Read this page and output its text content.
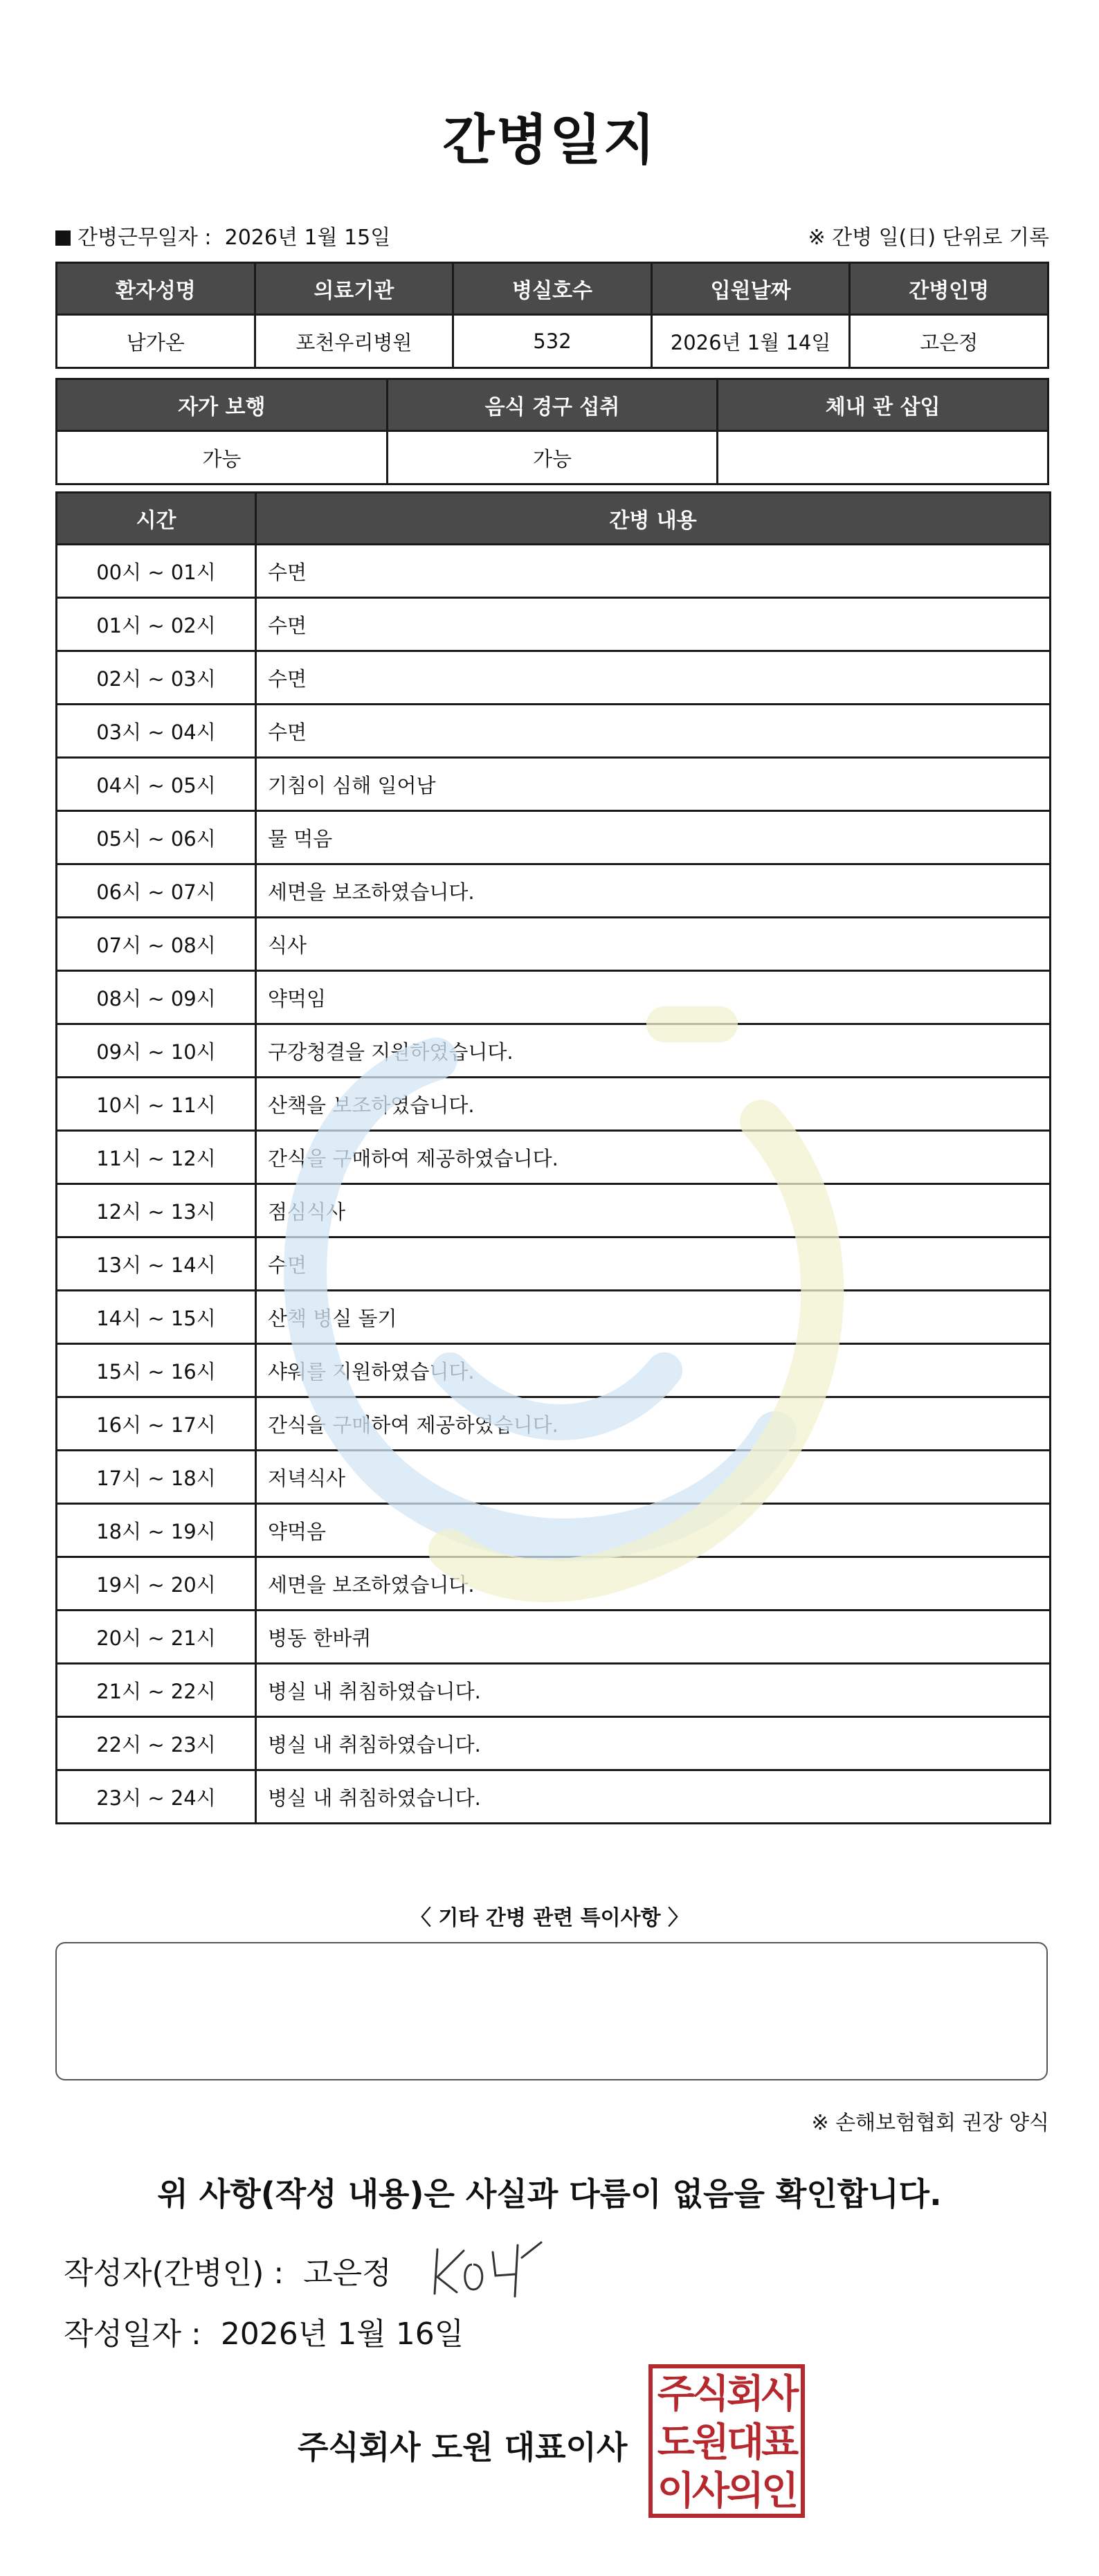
간병일지
간병근무일자 : 2026년 1월 15일	※ 간병 일(日) 단위로 기록
환자성명	의료기관	병실호수	입원날짜	간병인명
남가온	포천우리병원	532	2026년 1월 14일	고은정
자가 보행	음식 경구 섭취	체내 관 삽입
가능	가능	
시간	간병 내용
00시 ~ 01시	수면
01시 ~ 02시	수면
02시 ~ 03시	수면
03시 ~ 04시	수면
04시 ~ 05시	기침이 심해 일어남
05시 ~ 06시	물 먹음
06시 ~ 07시	세면을 보조하였습니다.
07시 ~ 08시	식사
08시 ~ 09시	약먹임
09시 ~ 10시	구강청결을 지원하였습니다.
10시 ~ 11시	산책을 보조하였습니다.
11시 ~ 12시	간식을 구매하여 제공하였습니다.
12시 ~ 13시	점심식사
13시 ~ 14시	수면
14시 ~ 15시	산책 병실 돌기
15시 ~ 16시	샤워를 지원하였습니다.
16시 ~ 17시	간식을 구매하여 제공하였습니다.
17시 ~ 18시	저녁식사
18시 ~ 19시	약먹음
19시 ~ 20시	세면을 보조하였습니다.
20시 ~ 21시	병동 한바퀴
21시 ~ 22시	병실 내 취침하였습니다.
22시 ~ 23시	병실 내 취침하였습니다.
23시 ~ 24시	병실 내 취침하였습니다.
〈 기타 간병 관련 특이사항 〉
※ 손해보험협회 권장 양식
위 사항(작성 내용)은 사실과 다름이 없음을 확인합니다.
작성자(간병인) : 고은정
작성일자 : 2026년 1월 16일
주식회사 도원 대표이사
주식회사
도원대표
이사의인
